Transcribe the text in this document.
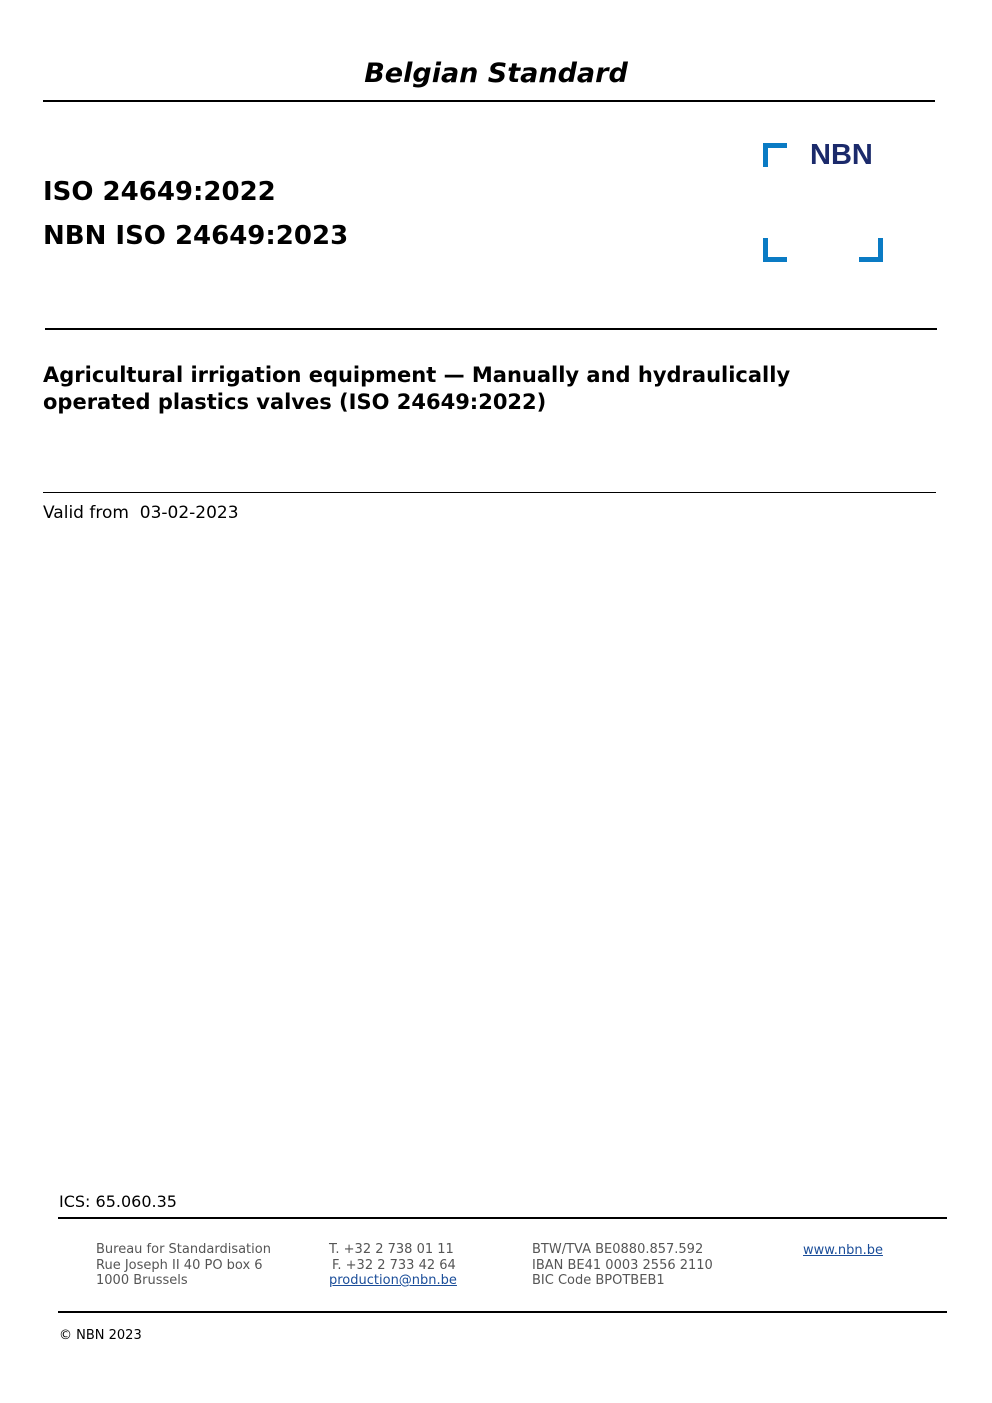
Belgian Standard
ISO 24649:2022
NBN ISO 24649:2023
NBN
Agricultural irrigation equipment — Manually and hydraulically
operated plastics valves (ISO 24649:2022)
Valid from 03-02-2023
ICS: 65.060.35
Bureau for Standardisation
Rue Joseph II 40 PO box 6
1000 Brussels
T. +32 2 738 01 11
F. +32 2 733 42 64
production@nbn.be
BTW/TVA BE0880.857.592
IBAN BE41 0003 2556 2110
BIC Code BPOTBEB1
www.nbn.be
© NBN 2023
